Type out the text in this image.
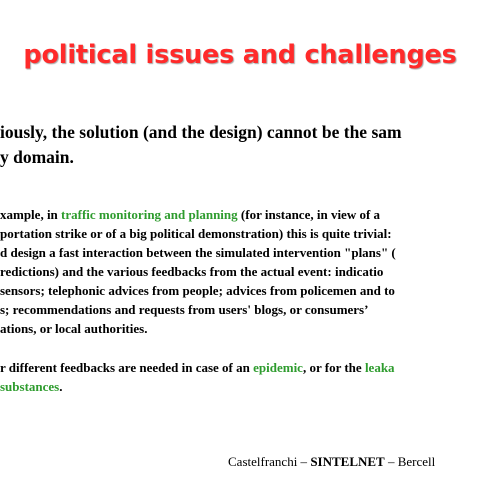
political issues and challenges

iously, the solution (and the design) cannot be the sam

y domain.

xample, in traffic monitoring and planning (for instance, in view of a

portation strike or of a big political demonstration) this is quite trivial:

d design a fast interaction between the simulated intervention "plans" (

redictions) and the various feedbacks from the actual event: indicatio

sensors; telephonic advices from people; advices from policemen and to

s; recommendations and requests from users' blogs, or consumers’

ations, or local authorities.

r different feedbacks are needed in case of an epidemic, or for the leaka

substances.

Castelfranchi – SINTELNET – Bercell
